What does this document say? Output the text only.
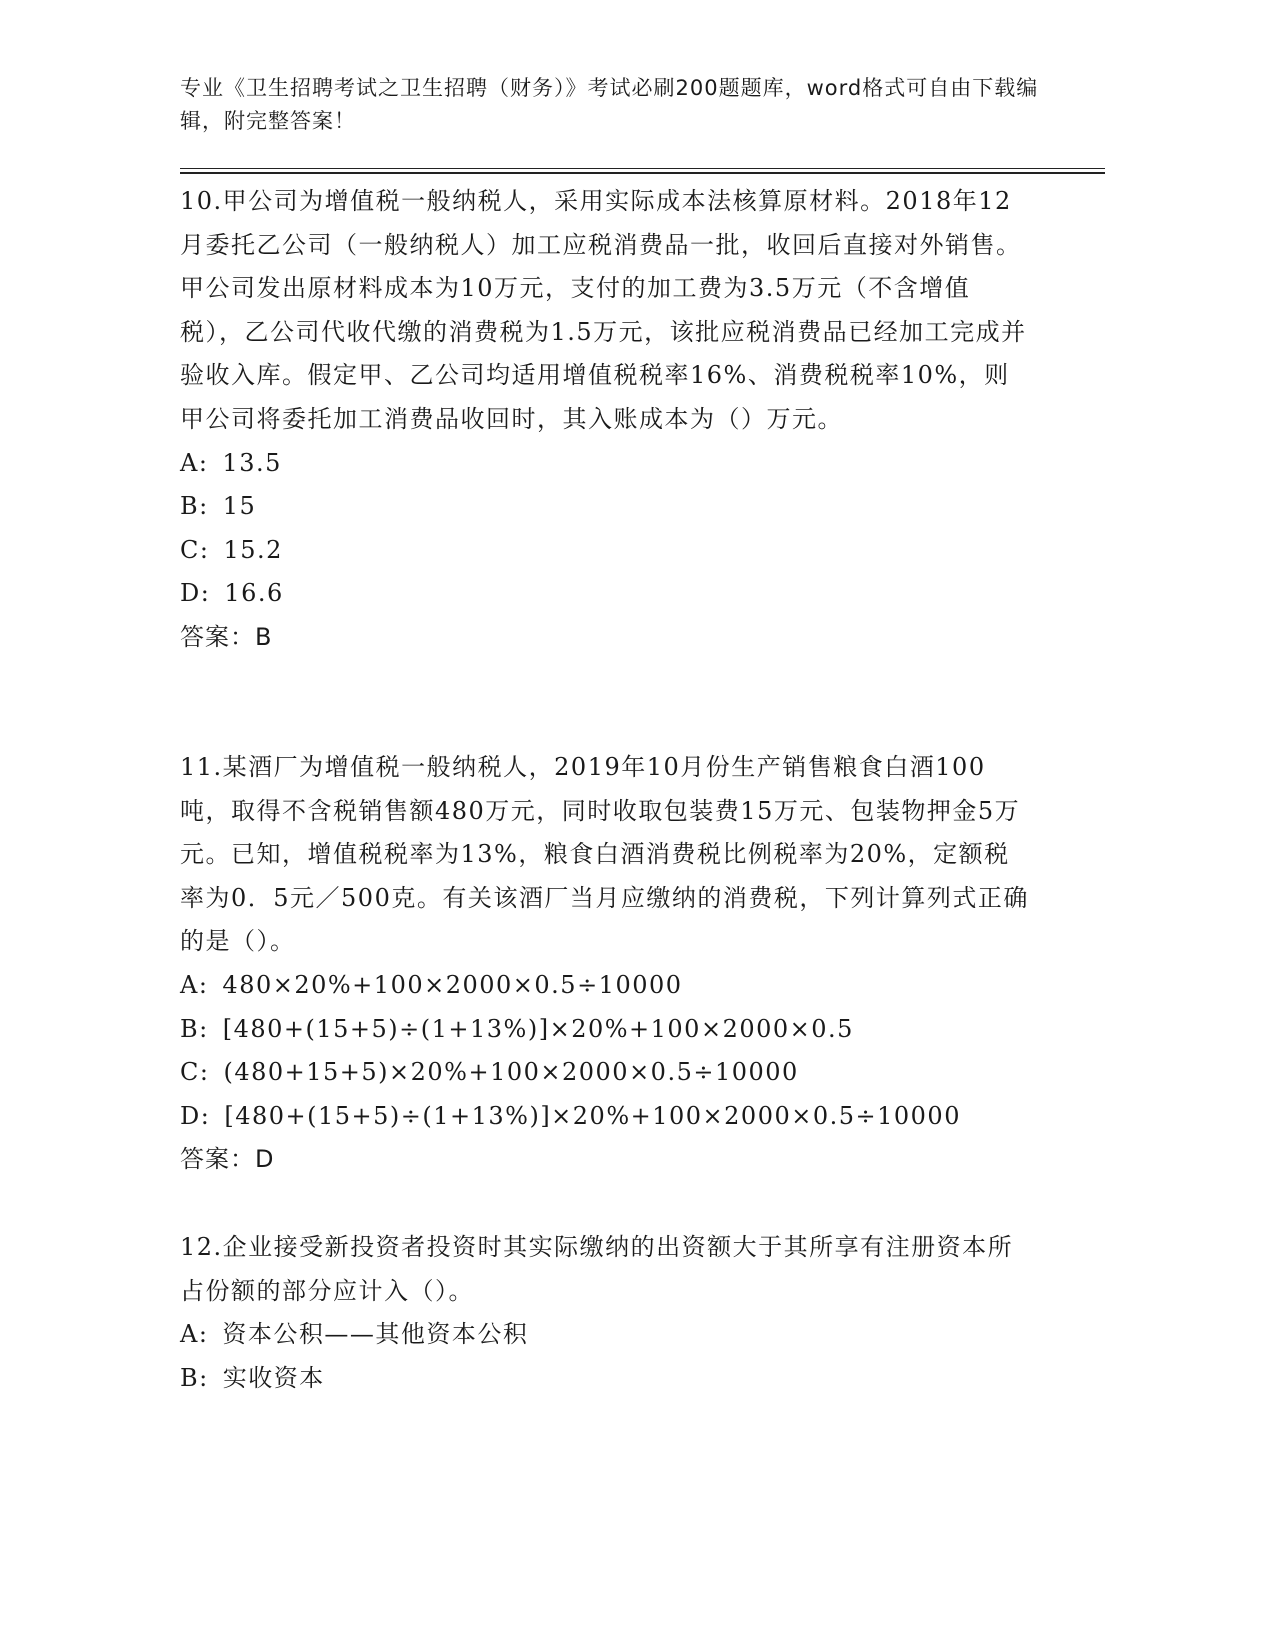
专业《卫生招聘考试之卫生招聘（财务）》考试必刷200题题库，word格式可自由下载编辑，附完整答案！

10.甲公司为增值税一般纳税人，采用实际成本法核算原材料。2018年12月委托乙公司（一般纳税人）加工应税消费品一批，收回后直接对外销售。甲公司发出原材料成本为10万元，支付的加工费为3.5万元（不含增值税），乙公司代收代缴的消费税为1.5万元，该批应税消费品已经加工完成并验收入库。假定甲、乙公司均适用增值税税率16%、消费税税率10%，则甲公司将委托加工消费品收回时，其入账成本为（）万元。

A: 13.5

B: 15

C: 15.2

D: 16.6

答案：B

11.某酒厂为增值税一般纳税人，2019年10月份生产销售粮食白酒100吨，取得不含税销售额480万元，同时收取包装费15万元、包装物押金5万元。已知，增值税税率为13%，粮食白酒消费税比例税率为20%，定额税率为0．5元／500克。有关该酒厂当月应缴纳的消费税，下列计算列式正确的是（）。

A: 480×20%+100×2000×0.5÷10000

B: [480+(15+5)÷(1+13%)]×20%+100×2000×0.5

C: (480+15+5)×20%+100×2000×0.5÷10000

D: [480+(15+5)÷(1+13%)]×20%+100×2000×0.5÷10000

答案：D

12.企业接受新投资者投资时其实际缴纳的出资额大于其所享有注册资本所占份额的部分应计入（）。

A: 资本公积——其他资本公积

B: 实收资本
